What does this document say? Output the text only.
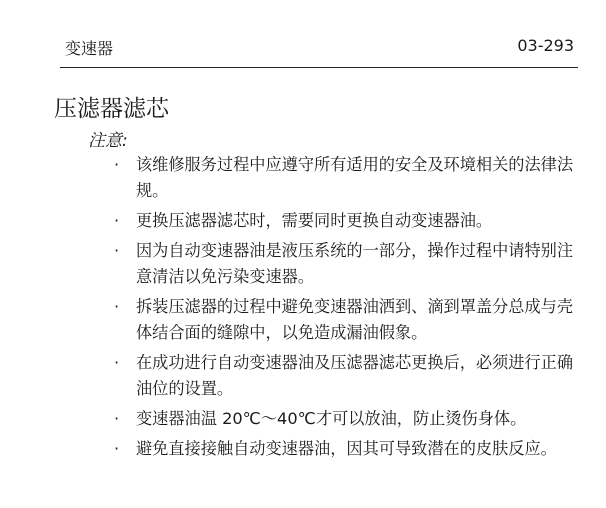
变速器	03-293
压滤器滤芯
注意:
· 该维修服务过程中应遵守所有适用的安全及环境相关的法律法规。
· 更换压滤器滤芯时，需要同时更换自动变速器油。
· 因为自动变速器油是液压系统的一部分，操作过程中请特别注意清洁以免污染变速器。
· 拆装压滤器的过程中避免变速器油洒到、滴到罩盖分总成与壳体结合面的缝隙中，以免造成漏油假象。
· 在成功进行自动变速器油及压滤器滤芯更换后，必须进行正确油位的设置。
· 变速器油温 20℃～40℃才可以放油，防止烫伤身体。
· 避免直接接触自动变速器油，因其可导致潜在的皮肤反应。
